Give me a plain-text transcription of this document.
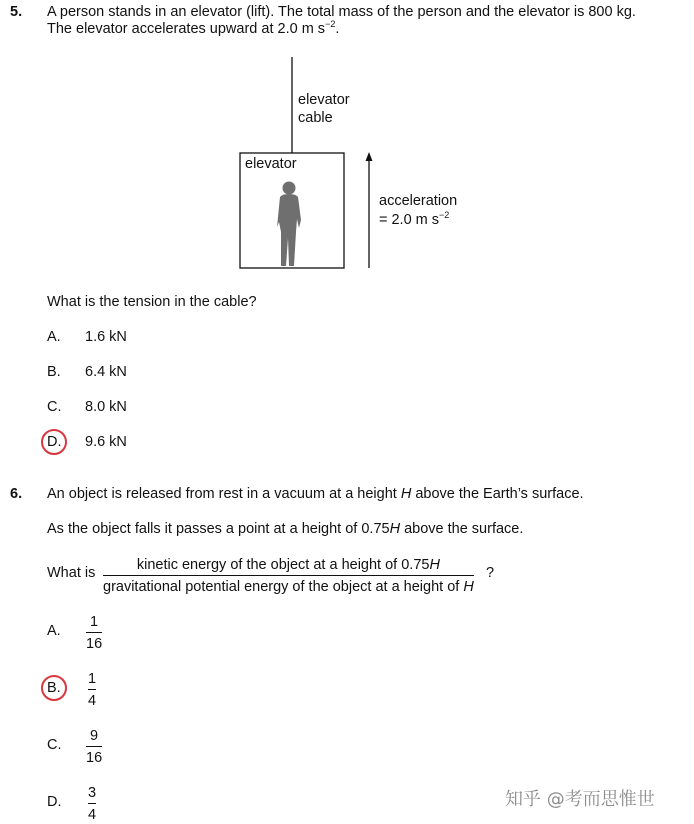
5. A person stands in an elevator (lift). The total mass of the person and the elevator is 800 kg.
The elevator accelerates upward at 2.0 m $s^{-2}$.
elevator
cable
elevator
acceleration
= 2.0 m $s^{-2}$
What is the tension in the cable?
A. 1.6 kN
B. 6.4 kN
C. 8.0 kN
D. 9.6 kN
6. An object is released from rest in a vacuum at a height H above the Earth’s surface.
As the object falls it passes a point at a height of 0.75H above the surface.
What is	kinetic energy of the object at a height of 0.75H
gravitational potential energy of the object at a height of H
?
A.
1
16
B.
1
4
C.
9
16
D.
3
4
知乎 @考而思惟世
